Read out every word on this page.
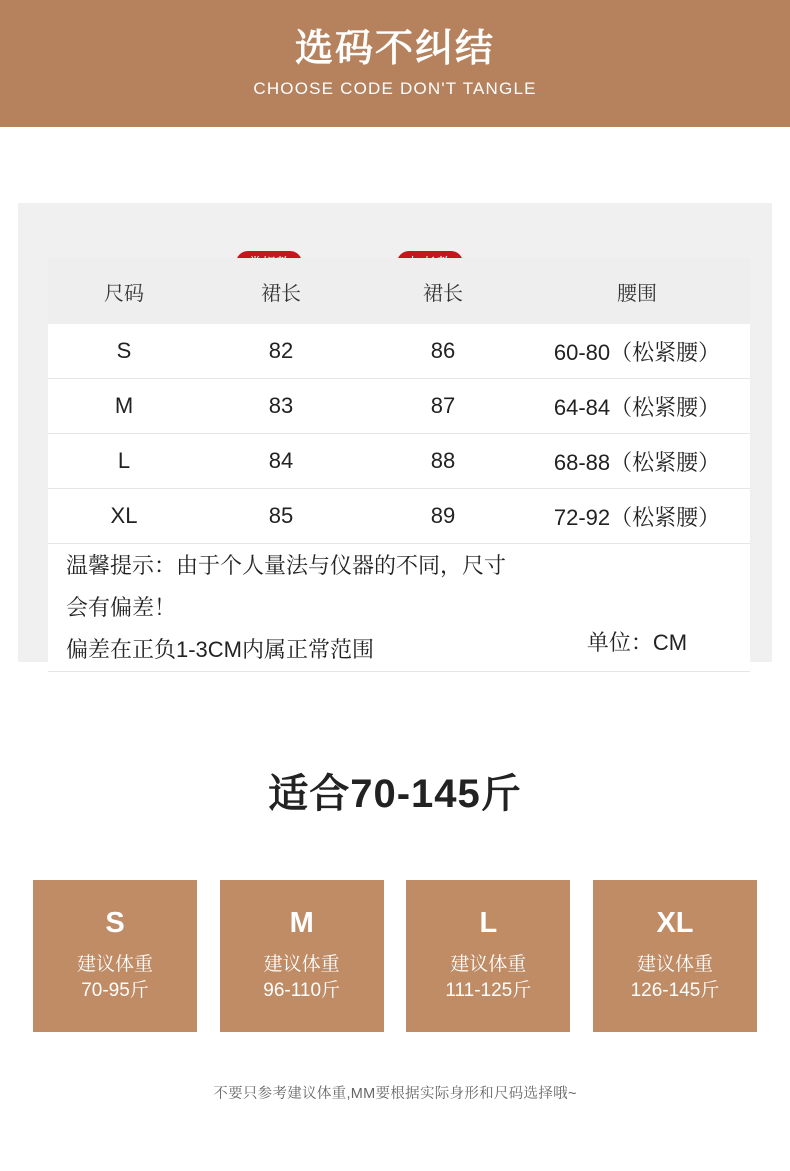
选码不纠结
CHOOSE CODE DON'T TANGLE
尺码	裙长	裙长	腰围
S	82	86	60-80（松紧腰）
M	83	87	64-84（松紧腰）
L	84	88	68-88（松紧腰）
XL	85	89	72-92（松紧腰）

温馨提示：由于个人量法与仪器的不同，尺寸会有偏差！
偏差在正负1-3CM内属正常范围			单位：CM
适合70-145斤
S
建议体重
70-95斤
M
建议体重
96-110斤
L
建议体重
111-125斤
XL
建议体重
126-145斤
不要只参考建议体重,MM要根据实际身形和尺码选择哦~
